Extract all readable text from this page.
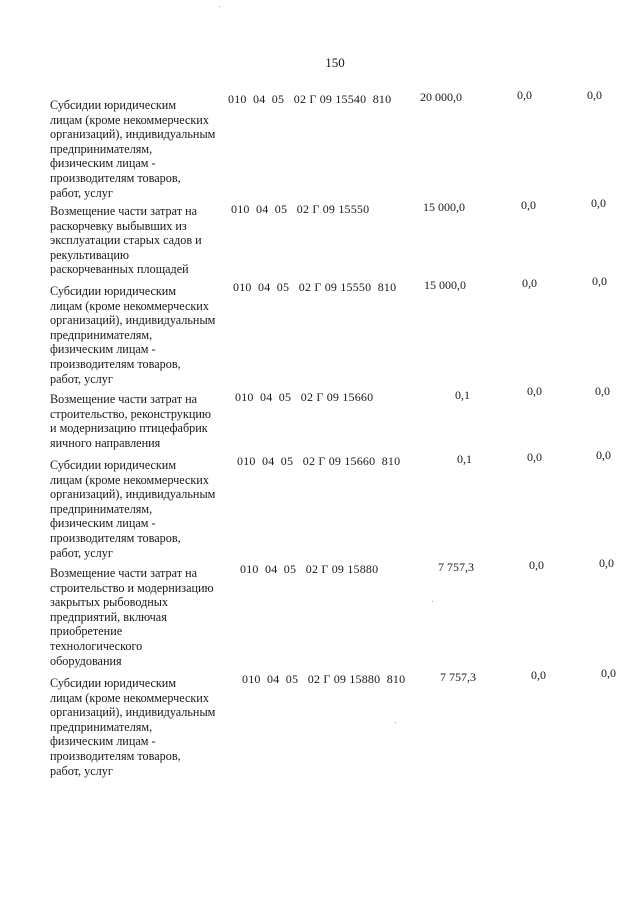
150
Субсидии юридическим
лицам (кроме некоммерческих
организаций), индивидуальным
предпринимателям,
физическим лицам -
производителям товаров,
работ, услуг
010  04  05   02 Г 09 15540  810	20 000,0	0,0	0,0
Возмещение части затрат на
раскорчевку выбывших из
эксплуатации старых садов и
рекультивацию
раскорчеванных площадей
010  04  05   02 Г 09 15550	15 000,0	0,0	0,0
Субсидии юридическим
лицам (кроме некоммерческих
организаций), индивидуальным
предпринимателям,
физическим лицам -
производителям товаров,
работ, услуг
010  04  05   02 Г 09 15550  810	15 000,0	0,0	0,0
Возмещение части затрат на
строительство, реконструкцию
и модернизацию птицефабрик
яичного направления
010  04  05   02 Г 09 15660	0,1	0,0	0,0
Субсидии юридическим
лицам (кроме некоммерческих
организаций), индивидуальным
предпринимателям,
физическим лицам -
производителям товаров,
работ, услуг
010  04  05   02 Г 09 15660  810	0,1	0,0	0,0
Возмещение части затрат на
строительство и модернизацию
закрытых рыбоводных
предприятий, включая
приобретение
технологического
оборудования
010  04  05   02 Г 09 15880	7 757,3	0,0	0,0
Субсидии юридическим
лицам (кроме некоммерческих
организаций), индивидуальным
предпринимателям,
физическим лицам -
производителям товаров,
работ, услуг
010  04  05   02 Г 09 15880  810	7 757,3	0,0	0,0
